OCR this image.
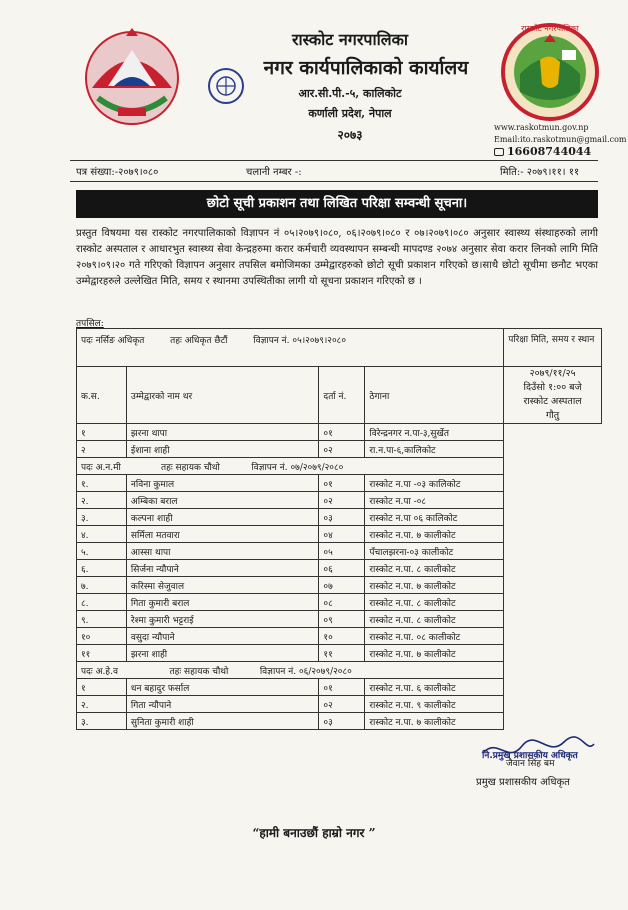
रास्कोट नगरपालिका
नगर कार्यपालिकाको कार्यालय
आर.सी.पी.-५, कालिकोट
कर्णाली प्रदेश, नेपाल
२०७३
रास्कोट नगरपालिका
www.raskotmun.gov.np
Email:ito.raskotmun@gmail.com
16608744044
पत्र संख्या:-२०७९।०८०	चलानी नम्बर -:	मिति:- २०७९।११। ११
छोटो सूची प्रकाशन तथा लिखित परिक्षा सम्वन्धी सूचना।
प्रस्तुत विषयमा यस रास्कोट नगरपालिकाको विज्ञापन नं ०५।२०७९।०८०, ०६।२०७९।०८० र ०७।२०७९।०८० अनुसार स्वास्थ्य संस्थाहरुको लागी रास्कोट अस्पताल र आधारभुत स्वास्थ्य सेवा केन्द्रहरुमा करार कर्मचारी व्यवस्थापन सम्बन्धी मापदण्ड २०७४ अनुसार सेवा करार लिनको लागि मिति २०७९।०९।२० गते गरिएको विज्ञापन अनुसार तपसिल बमोजिमका उम्मेद्वारहरुको छोटो सूची प्रकाशन गरिएको छ।साथै छोटो सूचीमा छनौट भएका उम्मेद्वारहरुले उल्लेखित मिति, समय र स्थानमा उपस्थितीका लागी यो सूचना प्रकाशन गरिएको छ ।
तपसिल:
पदः नर्सिङ अधिकृत तहः अधिकृत छैटौं विज्ञापन नं. ०५।२०७९।२०८०				परिक्षा मिति, समय र स्थान
क.स.	उम्मेद्वारको नाम थर	दर्ता नं.	ठेगाना	२०७९/११/२५
दिउँसो १:०० बजे
रास्कोट अस्पताल
गौतु

१	झरना थापा	०१	विरेन्द्रनगर न.पा-३,सुर्खेत	
२	ईशाना शाही	०२	रा.न.पा-६,कालिकोट	
पदः अ.न.मी तहः सहायक चौथो विज्ञापन नं. ०७/२०७९/२०८०				
१.	नविना कुमाल	०१	रास्कोट न.पा -०३ कालिकोट	
२.	अम्बिका बराल	०२	रास्कोट न.पा -०८	
३.	कल्पना शाही	०३	रास्कोट न.पा ०६ कालिकोट	
४.	सर्मिला मतवारा	०४	रास्कोट न.पा. ७ कालीकोट	
५.	आस्सा थापा	०५	पँचालझरना-०३ कालीकोट	
६.	सिर्जना न्यौपाने	०६	रास्कोट न.पा. ८ कालीकोट	
७.	करिस्मा सेजुवाल	०७	रास्कोट न.पा. ७ कालीकोट	
८.	गिता कुमारी बराल	०८	रास्कोट न.पा. ८ कालीकोट	
९.	रेश्मा कुमारी भट्टराई	०९	रास्कोट न.पा. ८ कालीकोट	
१०	वसुदा न्यौपाने	१०	रास्कोट न.पा. ०८ कालीकोट	
११	झरना शाही	११	रास्कोट न.पा. ७ कालीकोट	
पदः अ.हे.व तहः सहायक चौथो विज्ञापन नं. ०६/२०७९/२०८०				
१	धन बहादुर फर्साल	०१	रास्कोट न.पा. ६ कालीकोट	
२.	गिता न्यौपाने	०२	रास्कोट न.पा. ९ कालीकोट	
३.	सुनिता कुमारी शाही	०३	रास्कोट न.पा. ७ कालीकोट	
नि.प्रमुख प्रशासकीय अधिकृत
जैवान सिंह बम
प्रमुख प्रशासकीय अधिकृत
“हामी बनाउछौं हाम्रो नगर ”
